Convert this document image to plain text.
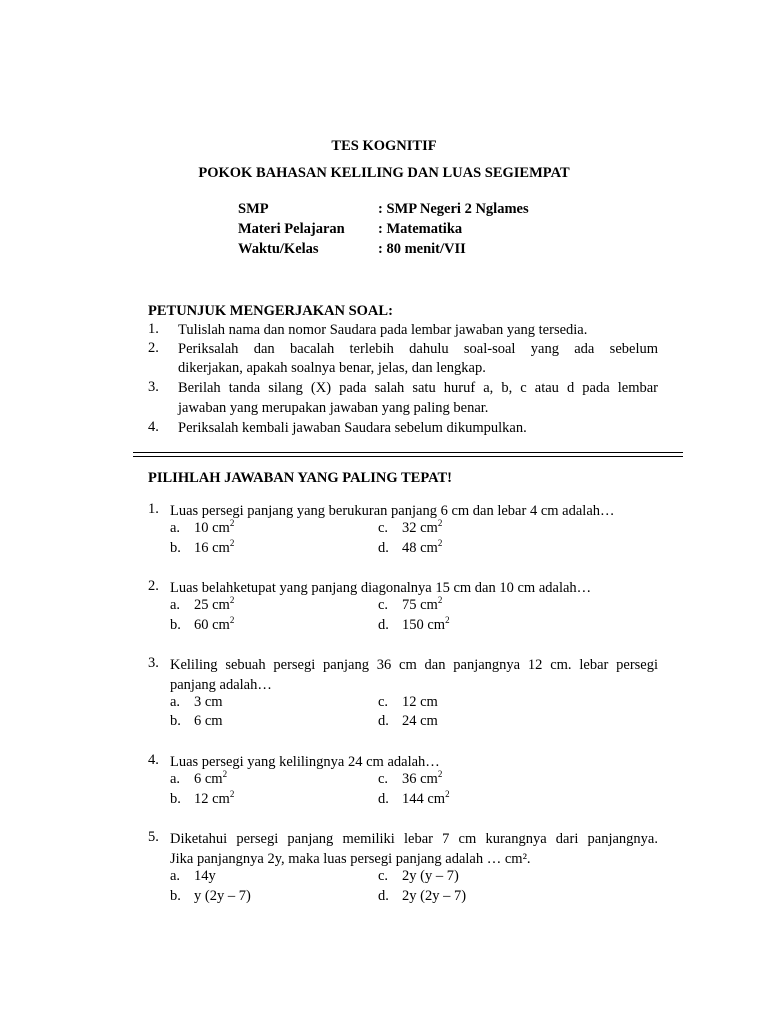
TES KOGNITIF
POKOK BAHASAN KELILING DAN LUAS SEGIEMPAT
SMP	: SMP Negeri 2 Nglames
Materi Pelajaran : Matematika
Waktu/Kelas	: 80 menit/VII
PETUNJUK MENGERJAKAN SOAL:
1. Tulislah nama dan nomor Saudara pada lembar jawaban yang tersedia.
2. Periksalah dan bacalah terlebih dahulu soal-soal yang ada sebelum
dikerjakan, apakah soalnya benar, jelas, dan lengkap.
3. Berilah tanda silang (X) pada salah satu huruf a, b, c atau d pada lembar
jawaban yang merupakan jawaban yang paling benar.
4. Periksalah kembali jawaban Saudara sebelum dikumpulkan.
PILIHLAH JAWABAN YANG PALING TEPAT!
1. Luas persegi panjang yang berukuran panjang 6 cm dan lebar 4 cm adalah…
a. 10 $cm^2$
b. 16 $cm^2$
c. 32 $cm^2$
d. 48 $cm^2$
2. Luas belahketupat yang panjang diagonalnya 15 cm dan 10 cm adalah…
a. 25 $cm^2$
b. 60 $cm^2$
c. 75 $cm^2$
d. 150 $cm^2$
3. Keliling sebuah persegi panjang 36 cm dan panjangnya 12 cm. lebar persegi
panjang adalah…
a. 3 cm
b. 6 cm
c. 12 cm
d. 24 cm
4. Luas persegi yang kelilingnya 24 cm adalah…
a. 6 $cm^2$
b. 12 $cm^2$
c. 36 $cm^2$
d. 144 $cm^2$
5. Diketahui persegi panjang memiliki lebar 7 cm kurangnya dari panjangnya.
Jika panjangnya 2y, maka luas persegi panjang adalah … cm².
a. 14y
b. y (2y – 7)
c. 2y (y – 7)
d. 2y (2y – 7)
